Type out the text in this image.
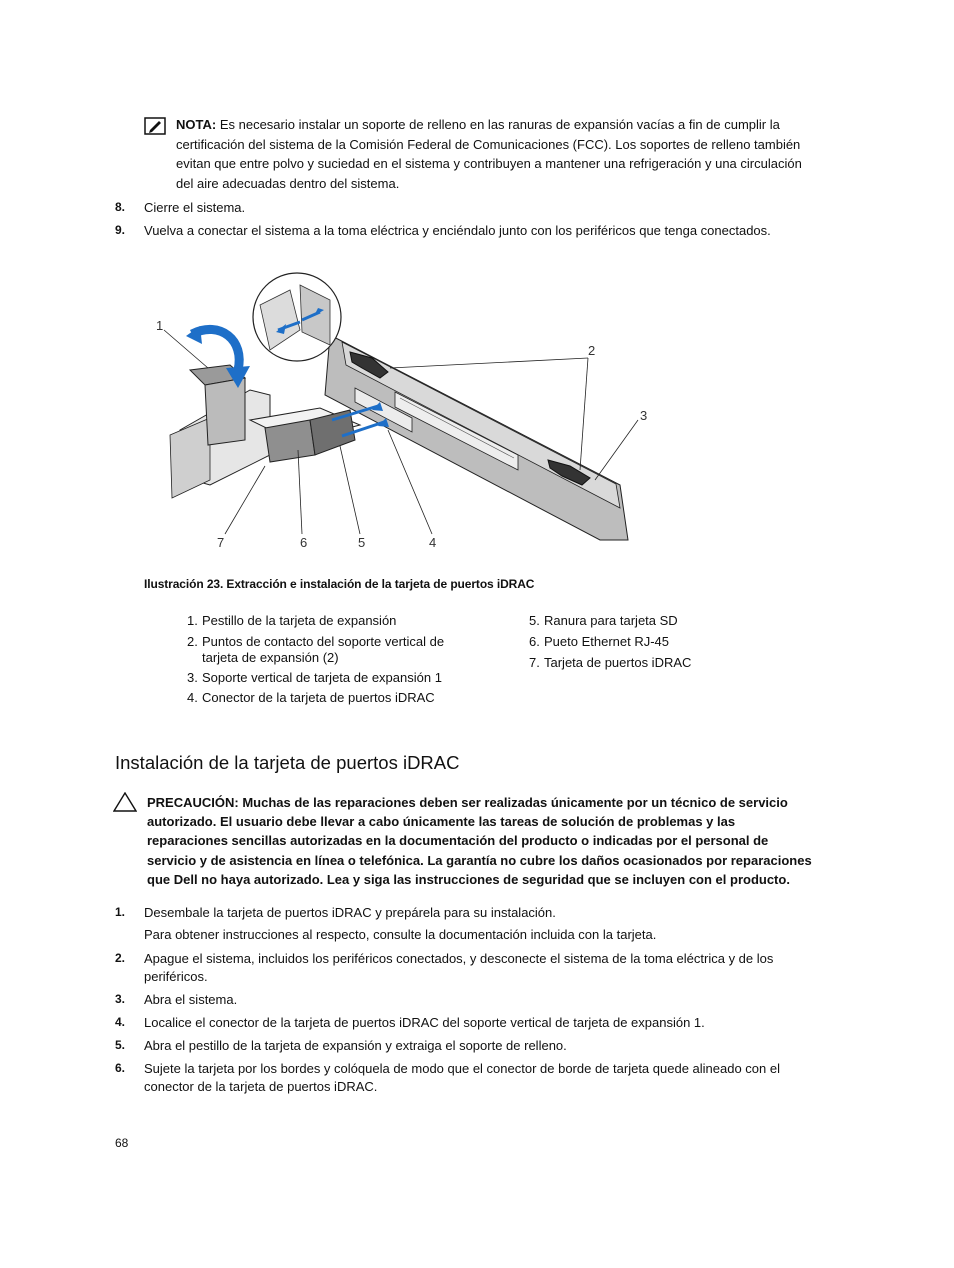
NOTA: Es necesario instalar un soporte de relleno en las ranuras de expansión vacías a fin de cumplir la certificación del sistema de la Comisión Federal de Comunicaciones (FCC). Los soportes de relleno también evitan que entre polvo y suciedad en el sistema y contribuyen a mantener una refrigeración y una circulación del aire adecuadas dentro del sistema.
8. Cierre el sistema.
9. Vuelva a conectar el sistema a la toma eléctrica y enciéndalo junto con los periféricos que tenga conectados.
1
2
3
7	6	5	4
Ilustración 23. Extracción e instalación de la tarjeta de puertos iDRAC
1. Pestillo de la tarjeta de expansión
2. Puntos de contacto del soporte vertical de tarjeta de expansión (2)
3. Soporte vertical de tarjeta de expansión 1
4. Conector de la tarjeta de puertos iDRAC
5. Ranura para tarjeta SD
6. Pueto Ethernet RJ-45
7. Tarjeta de puertos iDRAC
Instalación de la tarjeta de puertos iDRAC
PRECAUCIÓN: Muchas de las reparaciones deben ser realizadas únicamente por un técnico de servicio autorizado. El usuario debe llevar a cabo únicamente las tareas de solución de problemas y las reparaciones sencillas autorizadas en la documentación del producto o indicadas por el personal de servicio y de asistencia en línea o telefónica. La garantía no cubre los daños ocasionados por reparaciones que Dell no haya autorizado. Lea y siga las instrucciones de seguridad que se incluyen con el producto.
1. Desembale la tarjeta de puertos iDRAC y prepárela para su instalación.
Para obtener instrucciones al respecto, consulte la documentación incluida con la tarjeta.
2. Apague el sistema, incluidos los periféricos conectados, y desconecte el sistema de la toma eléctrica y de los periféricos.
3. Abra el sistema.
4. Localice el conector de la tarjeta de puertos iDRAC del soporte vertical de tarjeta de expansión 1.
5. Abra el pestillo de la tarjeta de expansión y extraiga el soporte de relleno.
6. Sujete la tarjeta por los bordes y colóquela de modo que el conector de borde de tarjeta quede alineado con el conector de la tarjeta de puertos iDRAC.
68
